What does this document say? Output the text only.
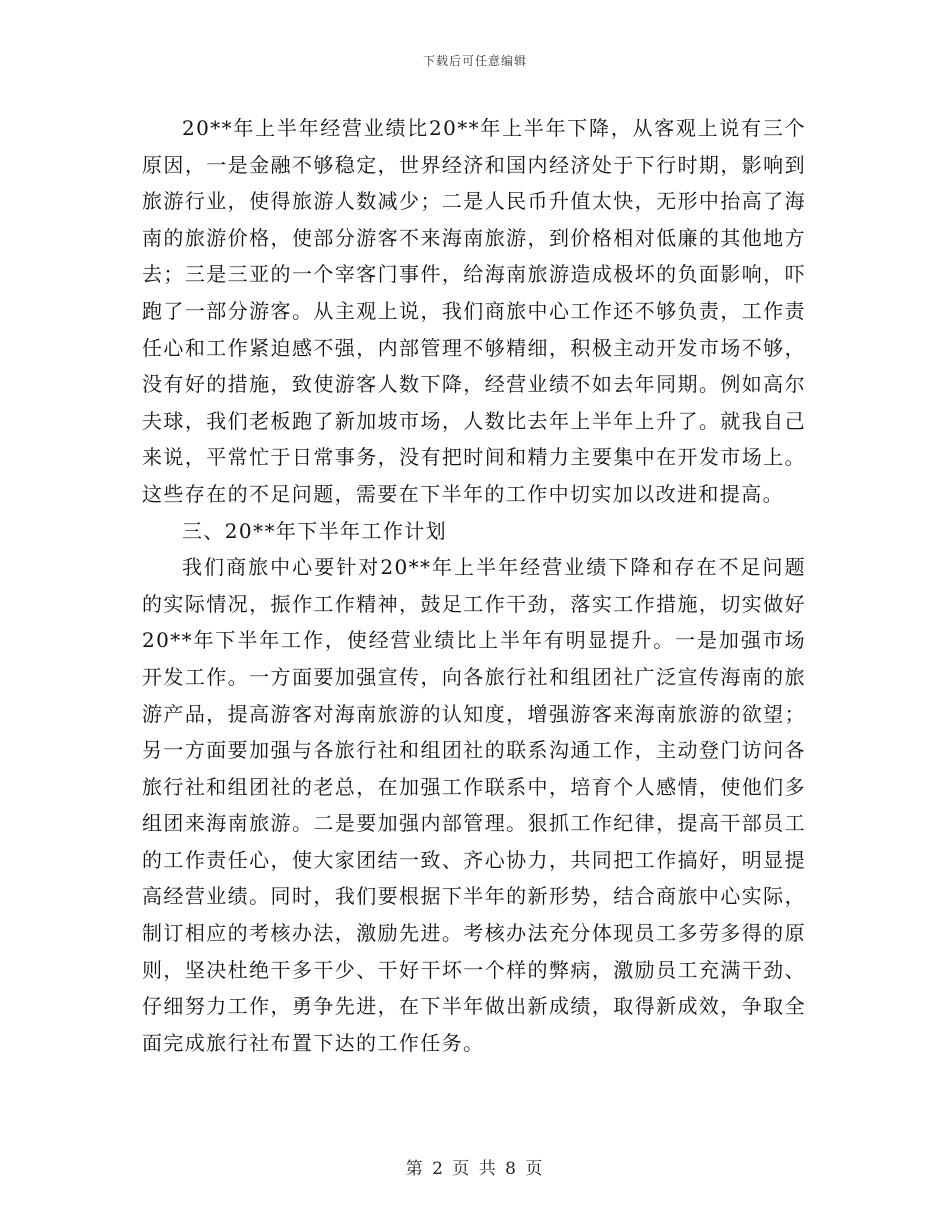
下载后可任意编辑

20**年上半年经营业绩比20**年上半年下降，从客观上说有三个原因，一是金融不够稳定，世界经济和国内经济处于下行时期，影响到旅游行业，使得旅游人数减少；二是人民币升值太快，无形中抬高了海南的旅游价格，使部分游客不来海南旅游，到价格相对低廉的其他地方去；三是三亚的一个宰客门事件，给海南旅游造成极坏的负面影响，吓跑了一部分游客。从主观上说，我们商旅中心工作还不够负责，工作责任心和工作紧迫感不强，内部管理不够精细，积极主动开发市场不够，没有好的措施，致使游客人数下降，经营业绩不如去年同期。例如高尔夫球，我们老板跑了新加坡市场，人数比去年上半年上升了。就我自己来说，平常忙于日常事务，没有把时间和精力主要集中在开发市场上。这些存在的不足问题，需要在下半年的工作中切实加以改进和提高。

三、20**年下半年工作计划

我们商旅中心要针对20**年上半年经营业绩下降和存在不足问题的实际情况，振作工作精神，鼓足工作干劲，落实工作措施，切实做好20**年下半年工作，使经营业绩比上半年有明显提升。一是加强市场开发工作。一方面要加强宣传，向各旅行社和组团社广泛宣传海南的旅游产品，提高游客对海南旅游的认知度，增强游客来海南旅游的欲望；另一方面要加强与各旅行社和组团社的联系沟通工作，主动登门访问各旅行社和组团社的老总，在加强工作联系中，培育个人感情，使他们多组团来海南旅游。二是要加强内部管理。狠抓工作纪律，提高干部员工的工作责任心，使大家团结一致、齐心协力，共同把工作搞好，明显提高经营业绩。同时，我们要根据下半年的新形势，结合商旅中心实际，制订相应的考核办法，激励先进。考核办法充分体现员工多劳多得的原则，坚决杜绝干多干少、干好干坏一个样的弊病，激励员工充满干劲、仔细努力工作，勇争先进，在下半年做出新成绩，取得新成效，争取全面完成旅行社布置下达的工作任务。

第 2 页 共 8 页
